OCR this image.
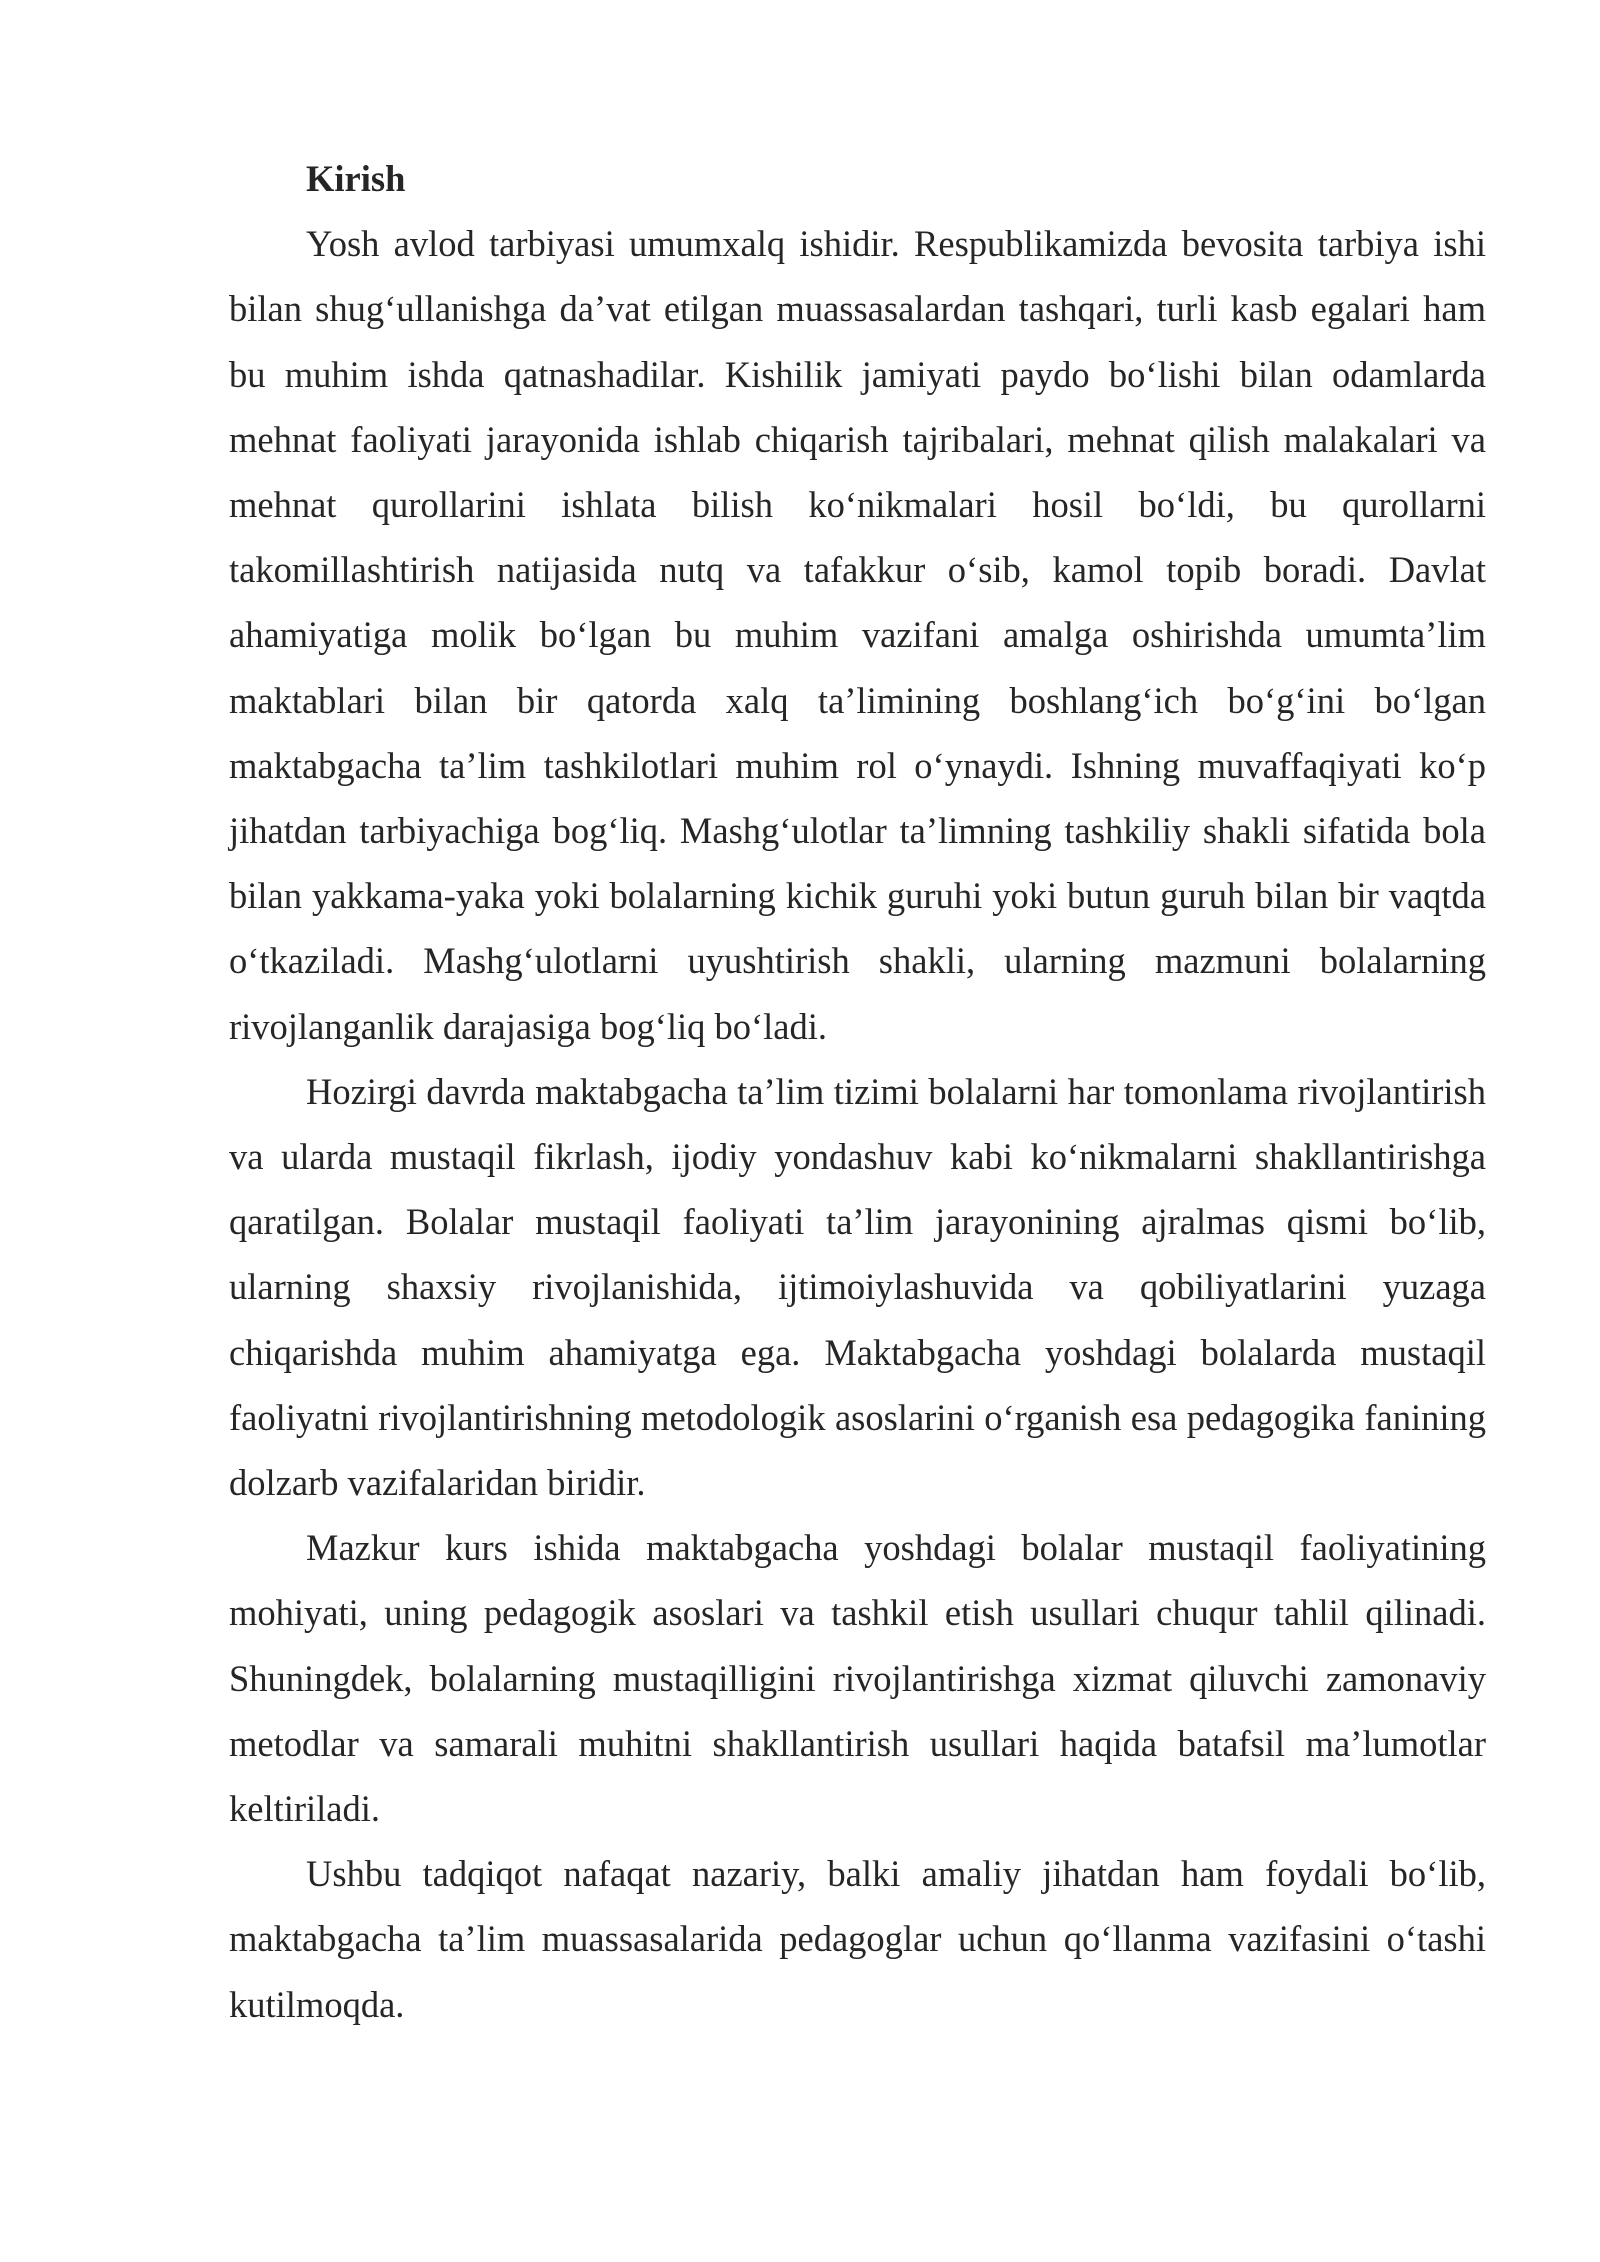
Kirish

Yosh avlod tarbiyasi umumxalq ishidir. Respublikamizda bevosita tarbiya ishi bilan shug‘ullanishga da’vat etilgan muassasalardan tashqari, turli kasb egalari ham bu muhim ishda qatnashadilar. Kishilik jamiyati paydo bo‘lishi bilan odamlarda mehnat faoliyati jarayonida ishlab chiqarish tajribalari, mehnat qilish malakalari va mehnat qurollarini ishlata bilish ko‘nikmalari hosil bo‘ldi, bu qurollarni takomillashtirish natijasida nutq va tafakkur o‘sib, kamol topib boradi. Davlat ahamiyatiga molik bo‘lgan bu muhim vazifani amalga oshirishda umumta’lim maktablari bilan bir qatorda xalq ta’limining boshlang‘ich bo‘g‘ini bo‘lgan maktabgacha ta’lim tashkilotlari muhim rol o‘ynaydi. Ishning muvaffaqiyati ko‘p jihatdan tarbiyachiga bog‘liq. Mashg‘ulotlar ta’limning tashkiliy shakli sifatida bola bilan yakkama-yaka yoki bolalarning kichik guruhi yoki butun guruh bilan bir vaqtda o‘tkaziladi. Mashg‘ulotlarni uyushtirish shakli, ularning mazmuni bolalarning rivojlanganlik darajasiga bog‘liq bo‘ladi.

Hozirgi davrda maktabgacha ta’lim tizimi bolalarni har tomonlama rivojlantirish va ularda mustaqil fikrlash, ijodiy yondashuv kabi ko‘nikmalarni shakllantirishga qaratilgan. Bolalar mustaqil faoliyati ta’lim jarayonining ajralmas qismi bo‘lib, ularning shaxsiy rivojlanishida, ijtimoiylashuvida va qobiliyatlarini yuzaga chiqarishda muhim ahamiyatga ega. Maktabgacha yoshdagi bolalarda mustaqil faoliyatni rivojlantirishning metodologik asoslarini o‘rganish esa pedagogika fanining dolzarb vazifalaridan biridir.

Mazkur kurs ishida maktabgacha yoshdagi bolalar mustaqil faoliyatining mohiyati, uning pedagogik asoslari va tashkil etish usullari chuqur tahlil qilinadi. Shuningdek, bolalarning mustaqilligini rivojlantirishga xizmat qiluvchi zamonaviy metodlar va samarali muhitni shakllantirish usullari haqida batafsil ma’lumotlar keltiriladi.

Ushbu tadqiqot nafaqat nazariy, balki amaliy jihatdan ham foydali bo‘lib, maktabgacha ta’lim muassasalarida pedagoglar uchun qo‘llanma vazifasini o‘tashi kutilmoqda.
